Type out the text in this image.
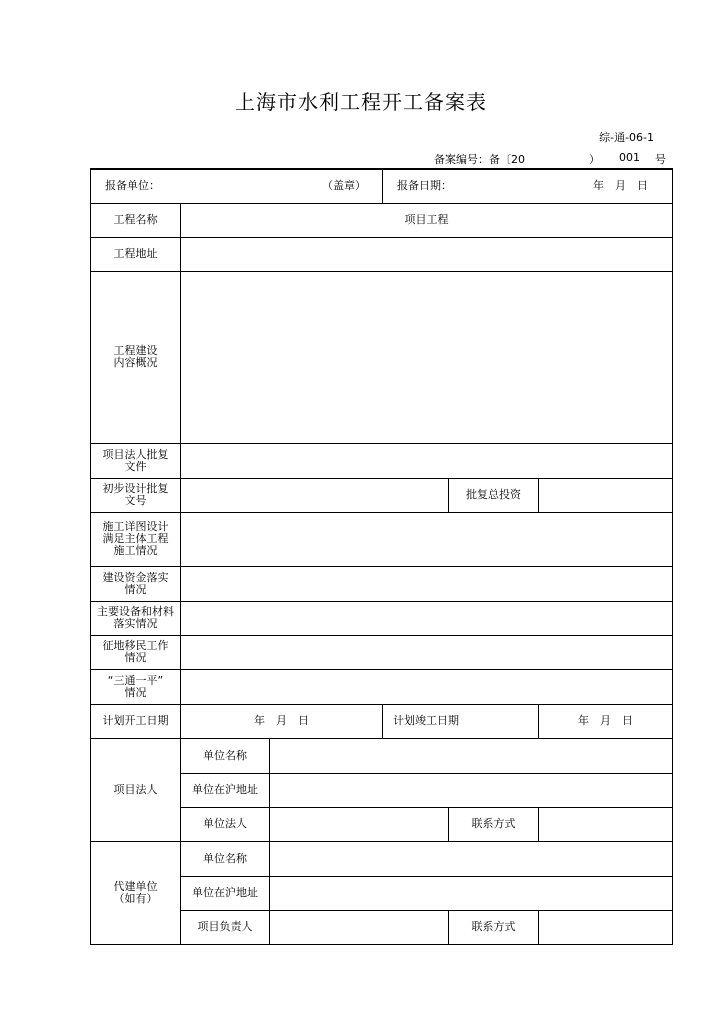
上海市水利工程开工备案表
综-通-06-1
备案编号：备〔20	） 001 号
报备单位： （盖章）			报备日期： 年　月　日		

工程名称	项目工程				
工程地址					

工程建设
内容概况					

项目法人批复
文件					

初步设计批复
文号				批复总投资	

施工详图设计
满足主体工程
施工情况					

建设资金落实
情况					

主要设备和材料
落实情况					

征地移民工作
情况					

“三通一平”
情况					

计划开工日期	年　月　日		计划竣工日期		年　月　日
项目法人	单位名称				
	单位在沪地址				
	单位法人			联系方式	

代建单位
（如有）	单位名称				
	单位在沪地址				
	项目负责人			联系方式	
